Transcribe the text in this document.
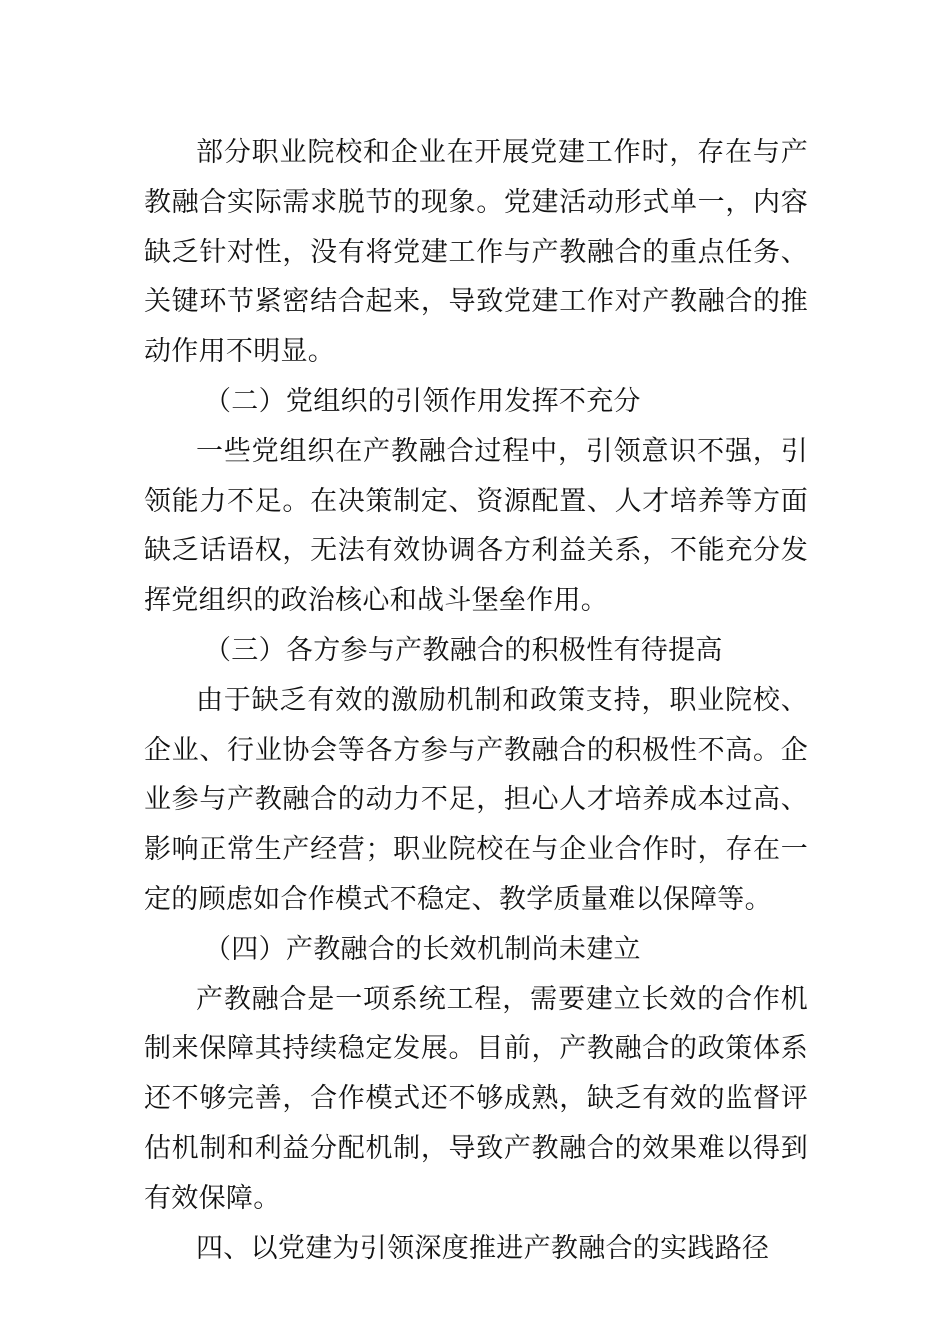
部分职业院校和企业在开展党建工作时，存在与产教融合实际需求脱节的现象。党建活动形式单一，内容缺乏针对性，没有将党建工作与产教融合的重点任务、关键环节紧密结合起来，导致党建工作对产教融合的推动作用不明显。

（二）党组织的引领作用发挥不充分

一些党组织在产教融合过程中，引领意识不强，引领能力不足。在决策制定、资源配置、人才培养等方面缺乏话语权，无法有效协调各方利益关系，不能充分发挥党组织的政治核心和战斗堡垒作用。

（三）各方参与产教融合的积极性有待提高

由于缺乏有效的激励机制和政策支持，职业院校、企业、行业协会等各方参与产教融合的积极性不高。企业参与产教融合的动力不足，担心人才培养成本过高、影响正常生产经营；职业院校在与企业合作时，存在一定的顾虑如合作模式不稳定、教学质量难以保障等。

（四）产教融合的长效机制尚未建立

产教融合是一项系统工程，需要建立长效的合作机制来保障其持续稳定发展。目前，产教融合的政策体系还不够完善，合作模式还不够成熟，缺乏有效的监督评估机制和利益分配机制，导致产教融合的效果难以得到有效保障。

四、以党建为引领深度推进产教融合的实践路径
